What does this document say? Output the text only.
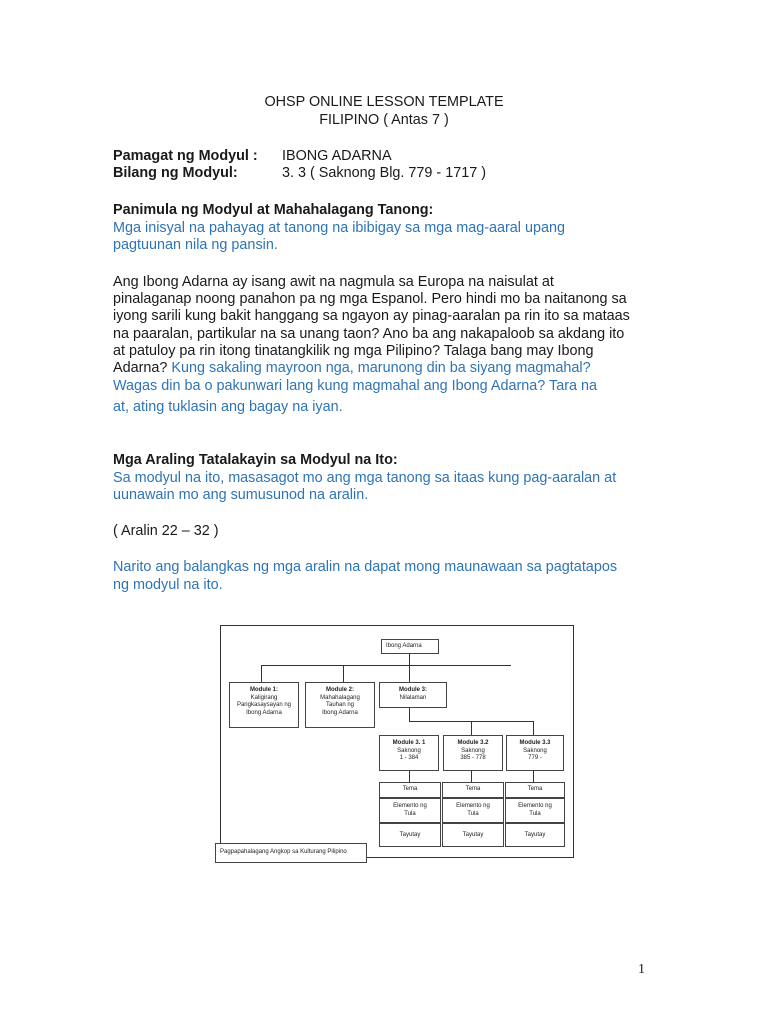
OHSP ONLINE LESSON TEMPLATE
FILIPINO ( Antas 7 )
Pamagat ng Modyul : IBONG ADARNA
Bilang ng Modyul:	3. 3 ( Saknong Blg. 779 - 1717 )
Panimula ng Modyul at Mahahalagang Tanong:
Mga inisyal na pahayag at tanong na ibibigay sa mga mag-aaral upang
pagtuunan nila ng pansin.
Ang Ibong Adarna ay isang awit na nagmula sa Europa na naisulat at
pinalaganap noong panahon pa ng mga Espanol. Pero hindi mo ba naitanong sa
iyong sarili kung bakit hanggang sa ngayon ay pinag-aaralan pa rin ito sa mataas
na paaralan, partikular na sa unang taon? Ano ba ang nakapaloob sa akdang ito
at patuloy pa rin itong tinatangkilik ng mga Pilipino? Talaga bang may Ibong
Adarna? Kung sakaling mayroon nga, marunong din ba siyang magmahal?
Wagas din ba o pakunwari lang kung magmahal ang Ibong Adarna? Tara na
at, ating tuklasin ang bagay na iyan.
Mga Araling Tatalakayin sa Modyul na Ito:
Sa modyul na ito, masasagot mo ang mga tanong sa itaas kung pag-aaralan at
uunawain mo ang sumusunod na aralin.
( Aralin 22 – 32 )
Narito ang balangkas ng mga aralin na dapat mong maunawaan sa pagtatapos
ng modyul na ito.
Ibong Adarna
Module 1:
Kaligirang
Pangkasaysayan ng
Ibong Adarna
Module 2:
Mahahalagang
Tauhan ng
Ibong Adarna
Module 3:
Nilalaman
Module 3. 1
Saknong
1 - 384
Module 3.2
Saknong
385 - 778
Module 3.3
Saknong
779 -
Tema
Elemento ng
Tula
Tayutay
Tema
Elemento ng
Tula
Tayutay
Tema
Elemento ng
Tula
Tayutay
Pagpapahalagang Angkop sa Kulturang Pilipino
1
